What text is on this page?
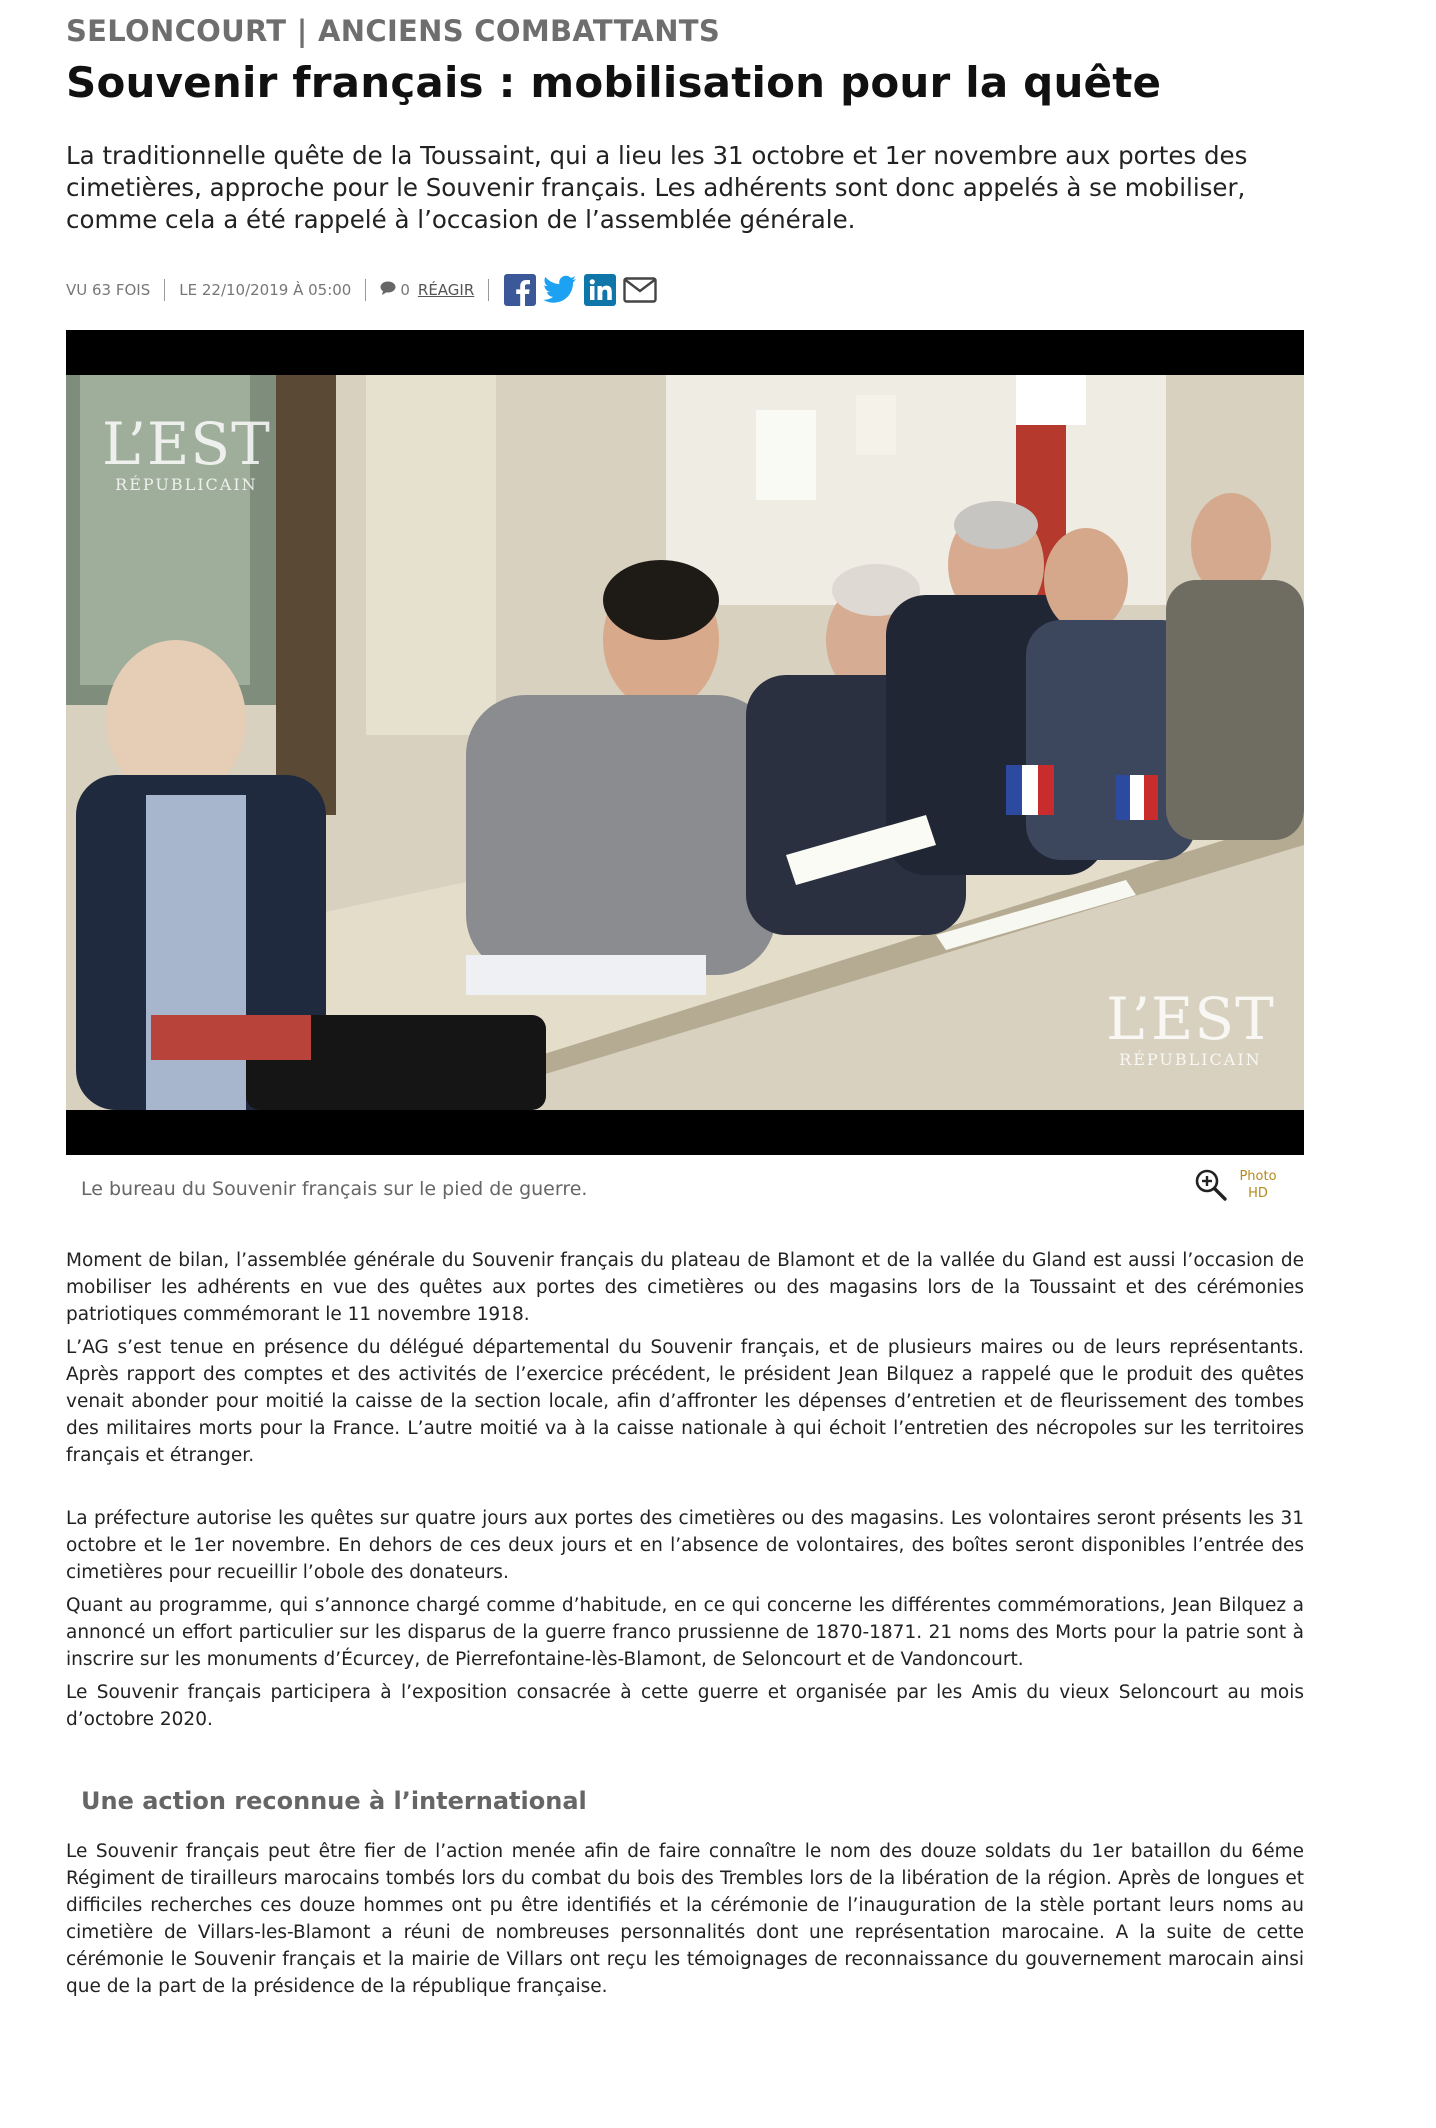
SELONCOURT | ANCIENS COMBATTANTS
Souvenir français : mobilisation pour la quête

La traditionnelle quête de la Toussaint, qui a lieu les 31 octobre et 1er novembre aux portes des cimetières, approche pour le Souvenir français. Les adhérents sont donc appelés à se mobiliser, comme cela a été rappelé à l’occasion de l’assemblée générale.

VU 63 FOIS LE 22/10/2019 À 05:00	0 RÉAGIR
L’EST
RÉPUBLICAIN
L’EST
RÉPUBLICAIN
Le bureau du Souvenir français sur le pied de guerre.
Photo
HD

Moment de bilan, l’assemblée générale du Souvenir français du plateau de Blamont et de la vallée du Gland est aussi l’occasion de mobiliser les adhérents en vue des quêtes aux portes des cimetières ou des magasins lors de la Toussaint et des cérémonies patriotiques commémorant le 11 novembre 1918.

L’AG s’est tenue en présence du délégué départemental du Souvenir français, et de plusieurs maires ou de leurs représentants. Après rapport des comptes et des activités de l’exercice précédent, le président Jean Bilquez a rappelé que le produit des quêtes venait abonder pour moitié la caisse de la section locale, afin d’affronter les dépenses d’entretien et de fleurissement des tombes des militaires morts pour la France. L’autre moitié va à la caisse nationale à qui échoit l’entretien des nécropoles sur les territoires français et étranger.

La préfecture autorise les quêtes sur quatre jours aux portes des cimetières ou des magasins. Les volontaires seront présents les 31 octobre et le 1er novembre. En dehors de ces deux jours et en l’absence de volontaires, des boîtes seront disponibles l’entrée des cimetières pour recueillir l’obole des donateurs.

Quant au programme, qui s’annonce chargé comme d’habitude, en ce qui concerne les différentes commémorations, Jean Bilquez a annoncé un effort particulier sur les disparus de la guerre franco prussienne de 1870-1871. 21 noms des Morts pour la patrie sont à inscrire sur les monuments d’Écurcey, de Pierrefontaine-lès-Blamont, de Seloncourt et de Vandoncourt.

Le Souvenir français participera à l’exposition consacrée à cette guerre et organisée par les Amis du vieux Seloncourt au mois d’octobre 2020.

Une action reconnue à l’international

Le Souvenir français peut être fier de l’action menée afin de faire connaître le nom des douze soldats du 1er bataillon du 6éme Régiment de tirailleurs marocains tombés lors du combat du bois des Trembles lors de la libération de la région. Après de longues et difficiles recherches ces douze hommes ont pu être identifiés et la cérémonie de l’inauguration de la stèle portant leurs noms au cimetière de Villars-les-Blamont a réuni de nombreuses personnalités dont une représentation marocaine. A la suite de cette cérémonie le Souvenir français et la mairie de Villars ont reçu les témoignages de reconnaissance du gouvernement marocain ainsi que de la part de la présidence de la république française.
